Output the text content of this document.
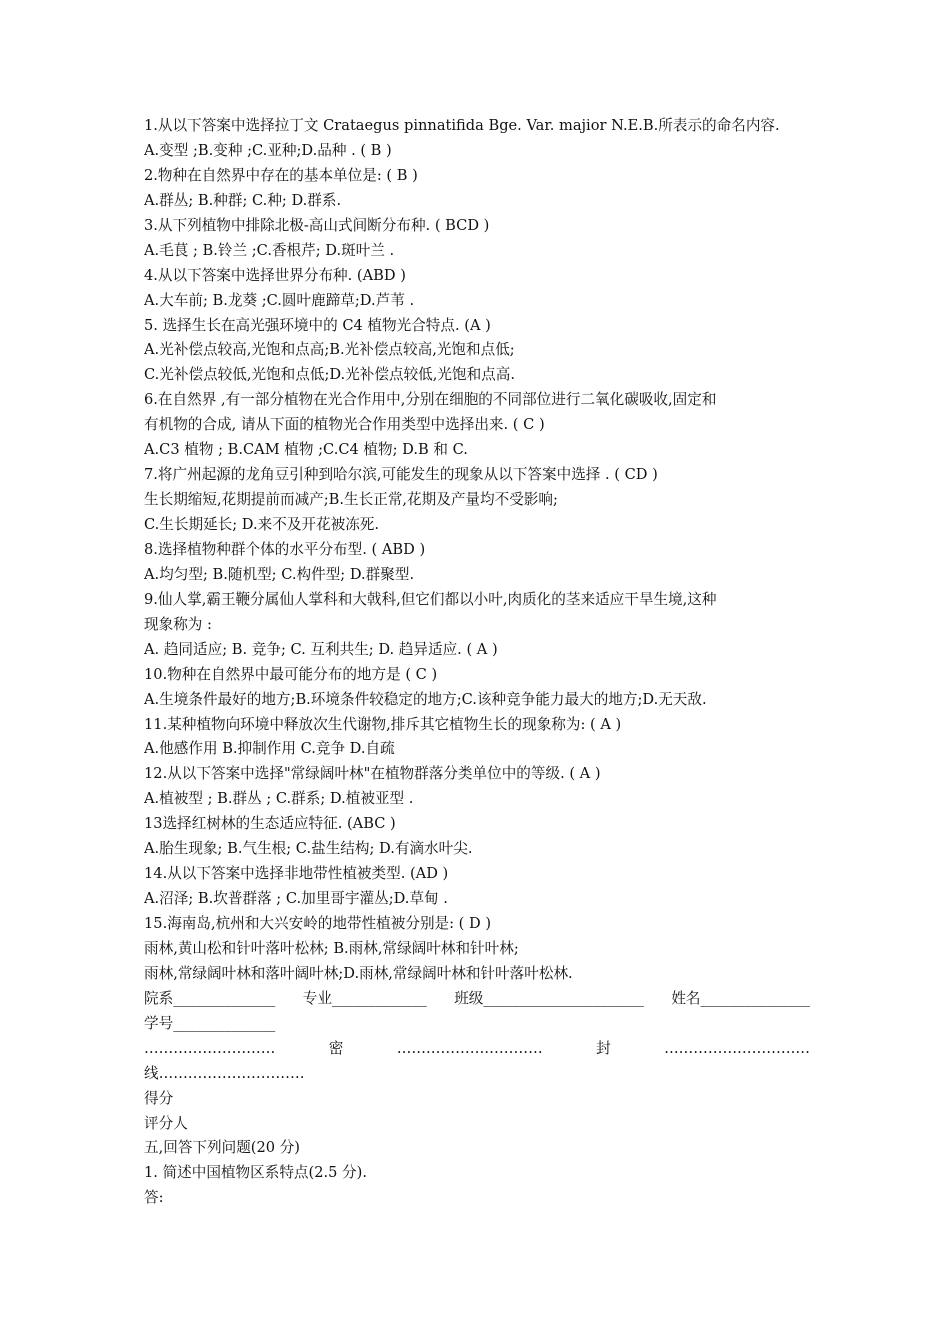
1.从以下答案中选择拉丁文 Crataegus pinnatifida Bge. Var. majior N.E.B.所表示的命名内容.
A.变型 ;B.变种 ;C.亚种;D.品种 . ( B )
2.物种在自然界中存在的基本单位是: ( B )
A.群丛; B.种群; C.种; D.群系.
3.从下列植物中排除北极-高山式间断分布种. ( BCD )
A.毛茛 ; B.铃兰 ;C.香根芹; D.斑叶兰 .
4.从以下答案中选择世界分布种. (ABD )
A.大车前; B.龙葵 ;C.圆叶鹿蹄草;D.芦苇 .
5. 选择生长在高光强环境中的 C4 植物光合特点. (A )
A.光补偿点较高,光饱和点高;B.光补偿点较高,光饱和点低;
C.光补偿点较低,光饱和点低;D.光补偿点较低,光饱和点高.
6.在自然界 ,有一部分植物在光合作用中,分别在细胞的不同部位进行二氧化碳吸收,固定和
有机物的合成, 请从下面的植物光合作用类型中选择出来. ( C )
A.C3 植物 ; B.CAM 植物 ;C.C4 植物; D.B 和 C.
7.将广州起源的龙角豆引种到哈尔滨,可能发生的现象从以下答案中选择 . ( CD )
生长期缩短,花期提前而减产;B.生长正常,花期及产量均不受影响;
C.生长期延长; D.来不及开花被冻死.
8.选择植物种群个体的水平分布型. ( ABD )
A.均匀型; B.随机型; C.构件型; D.群聚型.
9.仙人掌,霸王鞭分属仙人掌科和大戟科,但它们都以小叶,肉质化的茎来适应干旱生境,这种
现象称为 :
A. 趋同适应; B. 竞争; C. 互利共生; D. 趋异适应. ( A )
10.物种在自然界中最可能分布的地方是 ( C )
A.生境条件最好的地方;B.环境条件较稳定的地方;C.该种竞争能力最大的地方;D.无天敌.
11.某种植物向环境中释放次生代谢物,排斥其它植物生长的现象称为: ( A )
A.他感作用 B.抑制作用 C.竞争 D.自疏
12.从以下答案中选择"常绿阔叶林"在植物群落分类单位中的等级. ( A )
A.植被型 ; B.群丛 ; C.群系; D.植被亚型 .
13选择红树林的生态适应特征. (ABC )
A.胎生现象; B.气生根; C.盐生结构; D.有滴水叶尖.
14.从以下答案中选择非地带性植被类型. (AD )
A.沼泽; B.坎普群落 ; C.加里哥宇灌丛;D.草甸 .
15.海南岛,杭州和大兴安岭的地带性植被分别是: ( D )
雨林,黄山松和针叶落叶松林; B.雨林,常绿阔叶林和针叶林;
雨林,常绿阔叶林和落叶阔叶林;D.雨林,常绿阔叶林和针叶落叶松林.
院系______________ 专业_____________ 班级______________________ 姓名_______________
学号______________
………………………	密	…………………………	封	…………………………
线…………………………
得分
评分人
五,回答下列问题(20 分)
1. 简述中国植物区系特点(2.5 分).
答:
